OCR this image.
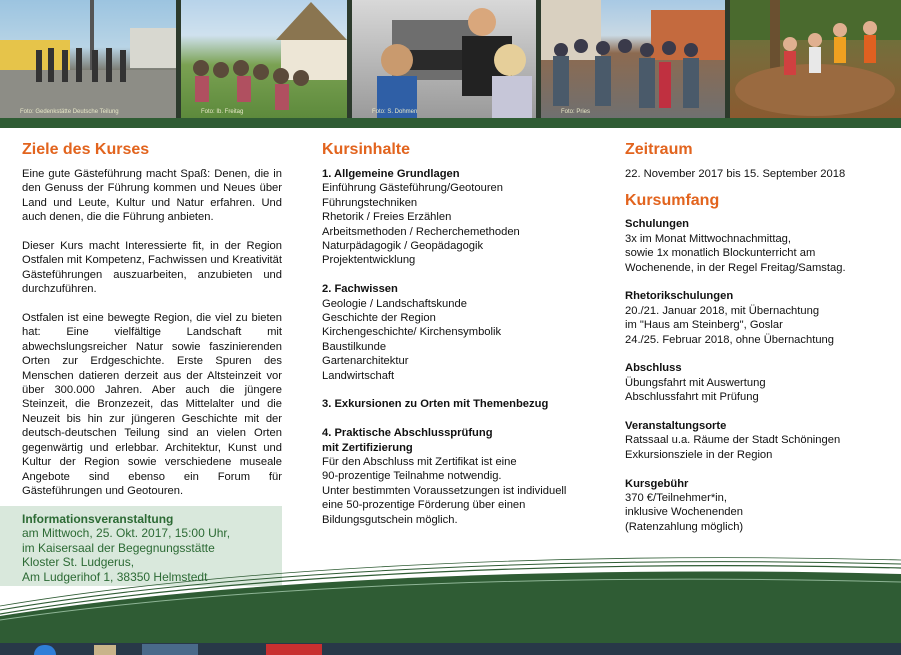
Foto: Gedenkstätte Deutsche Teilung	Foto: Ib. Freitag	Foto: S. Dohmen	Foto: Pries
Ziele des Kurses

Eine gute Gästeführung macht Spaß: Denen, die in den Genuss der Führung kommen und Neues über Land und Leute, Kultur und Natur erfahren. Und auch denen, die die Führung anbieten.

Dieser Kurs macht Interessierte fit, in der Region Ostfalen mit Kompetenz, Fachwissen und Kreativität Gästeführungen auszuarbeiten, anzubieten und durchzuführen.

Ostfalen ist eine bewegte Region, die viel zu bieten hat: Eine vielfältige Landschaft mit abwechslungsreicher Natur sowie faszinierenden Orten zur Erdgeschichte. Erste Spuren des Menschen datieren derzeit aus der Altsteinzeit vor über 300.000 Jahren. Aber auch die jüngere Steinzeit, die Bronzezeit, das Mittelalter und die Neuzeit bis hin zur jüngeren Geschichte mit der deutsch-deutschen Teilung sind an vielen Orten gegenwärtig und erlebbar. Architektur, Kunst und Kultur der Region sowie verschiedene museale Angebote sind ebenso ein Forum für Gästeführungen und Geotouren.

Informationsveranstaltung
am Mittwoch, 25. Okt. 2017, 15:00 Uhr,
im Kaisersaal der Begegnungsstätte
Kloster St. Ludgerus,
Am Ludgerihof 1, 38350 Helmstedt
Kursinhalte

1. Allgemeine Grundlagen

Einführung Gästeführung/Geotouren

Führungstechniken

Rhetorik / Freies Erzählen

Arbeitsmethoden / Recherchemethoden

Naturpädagogik / Geopädagogik

Projektentwicklung

2. Fachwissen

Geologie / Landschaftskunde

Geschichte der Region

Kirchengeschichte/ Kirchensymbolik

Baustilkunde

Gartenarchitektur

Landwirtschaft

3. Exkursionen zu Orten mit Themenbezug

4. Praktische Abschlussprüfung

mit Zertifizierung

Für den Abschluss mit Zertifikat ist eine

90-prozentige Teilnahme notwendig.

Unter bestimmten Voraussetzungen ist individuell

eine 50-prozentige Förderung über einen

Bildungsgutschein möglich.

Zeitraum
22. November 2017 bis 15. September 2018
Kursumfang

Schulungen

3x im Monat Mittwochnachmittag,

sowie 1x monatlich Blockunterricht am

Wochenende, in der Regel Freitag/Samstag.

Rhetorikschulungen

20./21. Januar 2018, mit Übernachtung

im "Haus am Steinberg", Goslar

24./25. Februar 2018, ohne Übernachtung

Abschluss

Übungsfahrt mit Auswertung

Abschlussfahrt mit Prüfung

Veranstaltungsorte

Ratssaal u.a. Räume der Stadt Schöningen

Exkursionsziele in der Region

Kursgebühr

370 €/Teilnehmer*in,

inklusive Wochenenden

(Ratenzahlung möglich)
